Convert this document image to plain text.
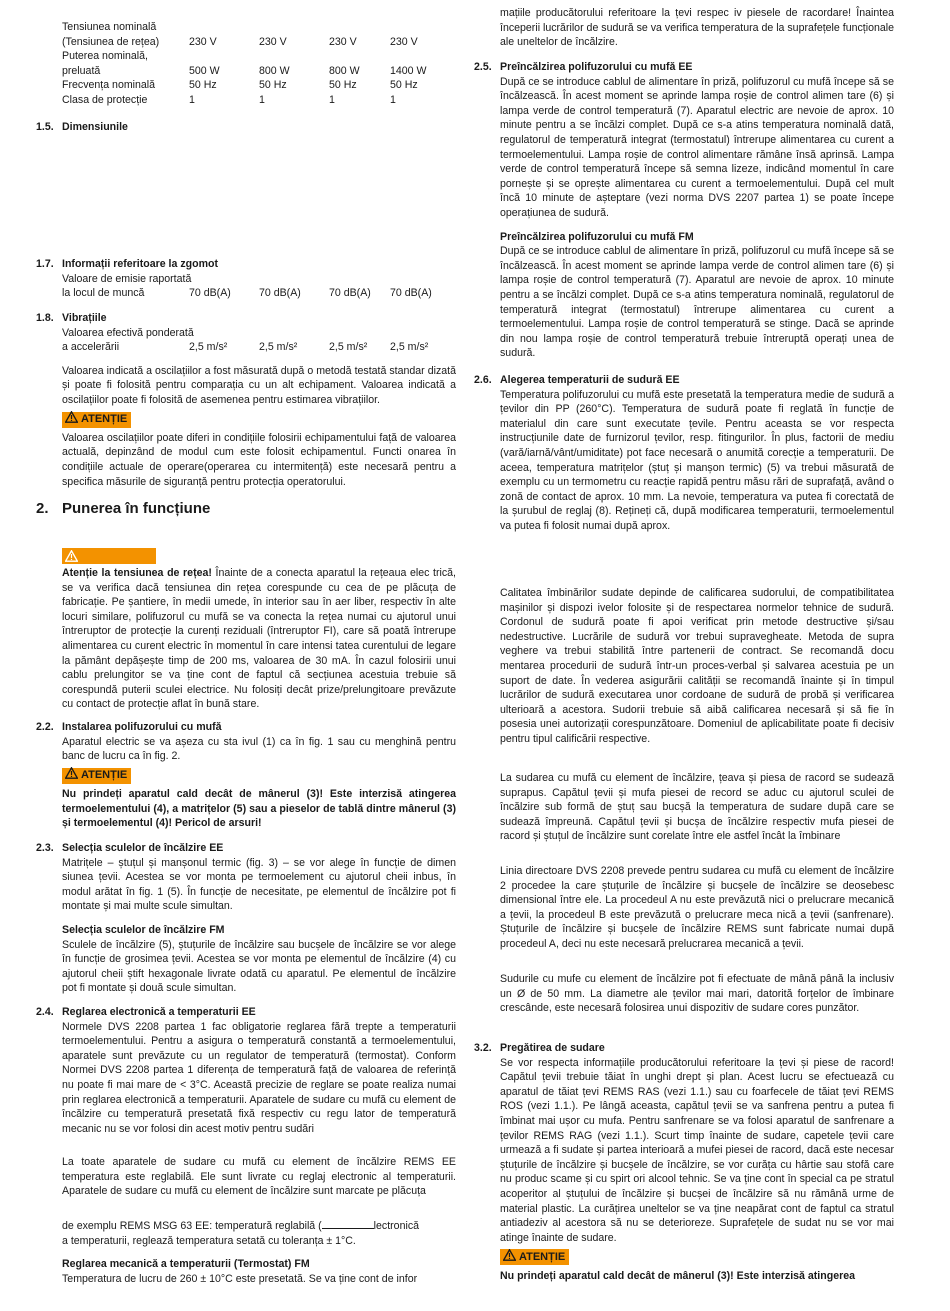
Tensiunea nominală
(Tensiunea de rețea)	230 V	230 V	230 V	230 V
Puterea nominală,
preluată	500 W	800 W	800 W	1400 W
Frecvența nominală	50 Hz	50 Hz	50 Hz	50 Hz
Clasa de protecție	1	1	1	1
1.5. Dimensiunile
1.7. Informații referitoare la zgomot
Valoare de emisie raportată
la locul de muncă	70 dB(A)	70 dB(A)	70 dB(A)	70 dB(A)
1.8. Vibrațiile
Valoarea efectivă ponderată
a accelerării	2,5 m/s²	2,5 m/s²	2,5 m/s²	2,5 m/s²

Valoarea indicată a oscilațiilor a fost măsurată după o metodă testată standar dizată și poate fi folosită pentru comparația cu un alt echipament. Valoarea indicată a oscilațiilor poate fi folosită de asemenea pentru estimarea vibrațiilor.

ATENȚIE

Valoarea oscilațiilor poate diferi in condițiile folosirii echipamentului față de valoarea actuală, depinzând de modul cum este folosit echipamentul. Functi onarea în condițiile actuale de operare(operarea cu intermitență) este necesară pentru a specifica măsurile de siguranță pentru protecția operatorului.

2. Punerea în funcțiune

Atenție la tensiunea de rețea! Înainte de a conecta aparatul la rețeaua elec trică, se va verifica dacă tensiunea din rețea corespunde cu cea de pe plăcuța de fabricație. Pe șantiere, în medii umede, în interior sau în aer liber, respectiv în alte locuri similare, polifuzorul cu mufă se va conecta la rețea numai cu ajutorul unui întreruptor de protecție la curenți reziduali (întreruptor FI), care să poată întrerupe alimentarea cu curent electric în momentul în care intensi tatea curentului de legare la pământ depășește timp de 200 ms, valoarea de 30 mA. În cazul folosirii unui cablu prelungitor se va ține cont de faptul că secțiunea acestuia trebuie să corespundă puterii sculei electrice. Nu folosiți decât prize/prelungitoare prevăzute cu contact de protecție aflat în bună stare.

2.2. Instalarea polifuzorului cu mufă

Aparatul electric se va așeza cu sta ivul (1) ca în fig. 1 sau cu menghină pentru banc de lucru ca în fig. 2.

ATENȚIE

Nu prindeți aparatul cald decât de mânerul (3)! Este interzisă atingerea termoelementului (4), a matrițelor (5) sau a pieselor de tablă dintre mânerul (3) și termoelementul (4)! Pericol de arsuri!

2.3. Selecția sculelor de încălzire EE

Matrițele – ștuțul și manșonul termic (fig. 3) – se vor alege în funcție de dimen siunea țevii. Acestea se vor monta pe termoelement cu ajutorul cheii inbus, în modul arătat în fig. 1 (5). În funcție de necesitate, pe elementul de încălzire pot fi montate și mai multe scule simultan.

Selecția sculelor de încălzire FM

Sculele de încălzire (5), ștuțurile de încălzire sau bucșele de încălzire se vor alege în funcție de grosimea țevii. Acestea se vor monta pe elementul de încălzire (4) cu ajutorul cheii știft hexagonale livrate odată cu aparatul. Pe elementul de încălzire pot fi montate și două scule simultan.

2.4. Reglarea electronică a temperaturii EE

Normele DVS 2208 partea 1 fac obligatorie reglarea fără trepte a temperaturii termoelementului. Pentru a asigura o temperatură constantă a termoelementului, aparatele sunt prevăzute cu un regulator de temperatură (termostat). Conform Normei DVS 2208 partea 1 diferența de temperatură față de valoarea de referință nu poate fi mai mare de < 3°C. Această precizie de reglare se poate realiza numai prin reglarea electronică a temperaturii. Aparatele de sudare cu mufă cu element de încălzire cu temperatură presetată fixă respectiv cu regu lator de temperatură mecanic nu se vor folosi din acest motiv pentru sudări

La toate aparatele de sudare cu mufă cu element de încălzire REMS EE temperatura este reglabilă. Ele sunt livrate cu reglaj electronic al temperaturii. Aparatele de sudare cu mufă cu element de încălzire sunt marcate pe plăcuța

de exemplu REMS MSG 63 EE: temperatură reglabilă (	lectronică

a temperaturii, reglează temperatura setată cu toleranța ± 1°C.

Reglarea mecanică a temperaturii (Termostat) FM

Temperatura de lucru de 260 ± 10°C este presetată. Se va ține cont de infor

mațiile producătorului referitoare la țevi respec iv piesele de racordare! Înaintea începerii lucrărilor de sudură se va verifica temperatura de la suprafețele funcționale ale uneltelor de încălzire.

2.5. Preîncălzirea polifuzorului cu mufă EE

După ce se introduce cablul de alimentare în priză, polifuzorul cu mufă începe să se încălzească. În acest moment se aprinde lampa roșie de control alimen tare (6) și lampa verde de control temperatură (7). Aparatul electric are nevoie de aprox. 10 minute pentru a se încălzi complet. După ce s-a atins temperatura nominală dată, regulatorul de temperatură integrat (termostatul) întrerupe alimentarea cu curent a termoelementului. Lampa roșie de control alimentare rămâne însă aprinsă. Lampa verde de control temperatură începe să semna lizeze, indicând momentul în care pornește și se oprește alimentarea cu curent a termoelementului. După cel mult încă 10 minute de așteptare (vezi norma DVS 2207 partea 1) se poate începe operațiunea de sudură.

Preîncălzirea polifuzorului cu mufă FM

După ce se introduce cablul de alimentare în priză, polifuzorul cu mufă începe să se încălzească. În acest moment se aprinde lampa verde de control alimen tare (6) și lampa roșie de control temperatură (7). Aparatul are nevoie de aprox. 10 minute pentru a se încălzi complet. După ce s-a atins temperatura nominală, regulatorul de temperatură integrat (termostatul) întrerupe alimentarea cu curent a termoelementului. Lampa roșie de control temperatură se stinge. Dacă se aprinde din nou lampa roșie de control temperatură trebuie întreruptă operați unea de sudură.

2.6. Alegerea temperaturii de sudură EE

Temperatura polifuzorului cu mufă este presetată la temperatura medie de sudură a țevilor din PP (260°C). Temperatura de sudură poate fi reglată în funcție de materialul din care sunt executate țevile. Pentru aceasta se vor respecta instrucțiunile date de furnizorul țevilor, resp. fitingurilor. În plus, factorii de mediu (vară/iarnă/vânt/umiditate) pot face necesară o anumită corecție a temperaturii. De aceea, temperatura matrițelor (ștuț și manșon termic) (5) va trebui măsurată de exemplu cu un termometru cu reacție rapidă pentru măsu rări de suprafață, având o zonă de contact de aprox. 10 mm. La nevoie, temperatura va putea fi corectată de la șurubul de reglaj (8). Rețineți că, după modificarea temperaturii, termoelementul va putea fi folosit numai după aprox.

Calitatea îmbinărilor sudate depinde de calificarea sudorului, de compatibilitatea mașinilor și dispozi ivelor folosite și de respectarea normelor tehnice de sudură. Cordonul de sudură poate fi apoi verificat prin metode destructive și/sau nedestructive. Lucrările de sudură vor trebui supravegheate. Metoda de supra veghere va trebui stabilită între partenerii de contract. Se recomandă docu mentarea procedurii de sudură într-un proces-verbal și salvarea acestuia pe un suport de date. În vederea asigurării calității se recomandă înainte și în timpul lucrărilor de sudură executarea unor cordoane de sudură de probă și verificarea ulterioară a acestora. Sudorii trebuie să aibă calificarea necesară și să fie în posesia unei autorizații corespunzătoare. Domeniul de aplicabilitate poate fi decisiv pentru tipul calificării respective.

La sudarea cu mufă cu element de încălzire, țeava și piesa de racord se sudează suprapus. Capătul țevii și mufa piesei de record se aduc cu ajutorul sculei de încălzire sub formă de ștuț sau bucșă la temperatura de sudare după care se sudează împreună. Capătul țevii și bucșa de încălzire respectiv mufa piesei de racord și ștuțul de încălzire sunt corelate între ele astfel încât la îmbinare

Linia directoare DVS 2208 prevede pentru sudarea cu mufă cu element de încălzire 2 procedee la care ștuțurile de încălzire și bucșele de încălzire se deosebesc dimensional între ele. La procedeul A nu este prevăzută nici o prelucrare mecanică a țevii, la procedeul B este prevăzută o prelucrare meca nică a țevii (sanfrenare). Ștuțurile de încălzire și bucșele de încălzire REMS sunt fabricate numai după procedeul A, deci nu este necesară prelucrarea mecanică a țevii.

Sudurile cu mufe cu element de încălzire pot fi efectuate de mână până la inclusiv un Ø de 50 mm. La diametre ale țevilor mai mari, datorită forțelor de îmbinare crescânde, este necesară folosirea unui dispozitiv de sudare cores punzător.

3.2. Pregătirea de sudare

Se vor respecta informațiile producătorului referitoare la țevi și piese de racord! Capătul țevii trebuie tăiat în unghi drept și plan. Acest lucru se efectuează cu aparatul de tăiat țevi REMS RAS (vezi 1.1.) sau cu foarfecele de tăiat țevi REMS ROS (vezi 1.1.). Pe lângă aceasta, capătul țevii se va sanfrena pentru a putea fi îmbinat mai ușor cu mufa. Pentru sanfrenare se va folosi aparatul de sanfrenare a țevilor REMS RAG (vezi 1.1.). Scurt timp înainte de sudare, capetele țevii care urmează a fi sudate și partea interioară a mufei piesei de racord, dacă este necesar ștuțurile de încălzire și bucșele de încălzire, se vor curăța cu hârtie sau stofă care nu produc scame și cu spirt ori alcool tehnic. Se va ține cont în special ca pe stratul acoperitor al ștuțului de încălzire și bucșei de încălzire să nu rămână urme de material plastic. La curățirea uneltelor se va ține neapărat cont de faptul ca stratul antiadeziv al acestora să nu se deterioreze. Suprafețele de sudat nu se vor mai atinge înainte de sudare.

ATENȚIE

Nu prindeți aparatul cald decât de mânerul (3)! Este interzisă atingerea
